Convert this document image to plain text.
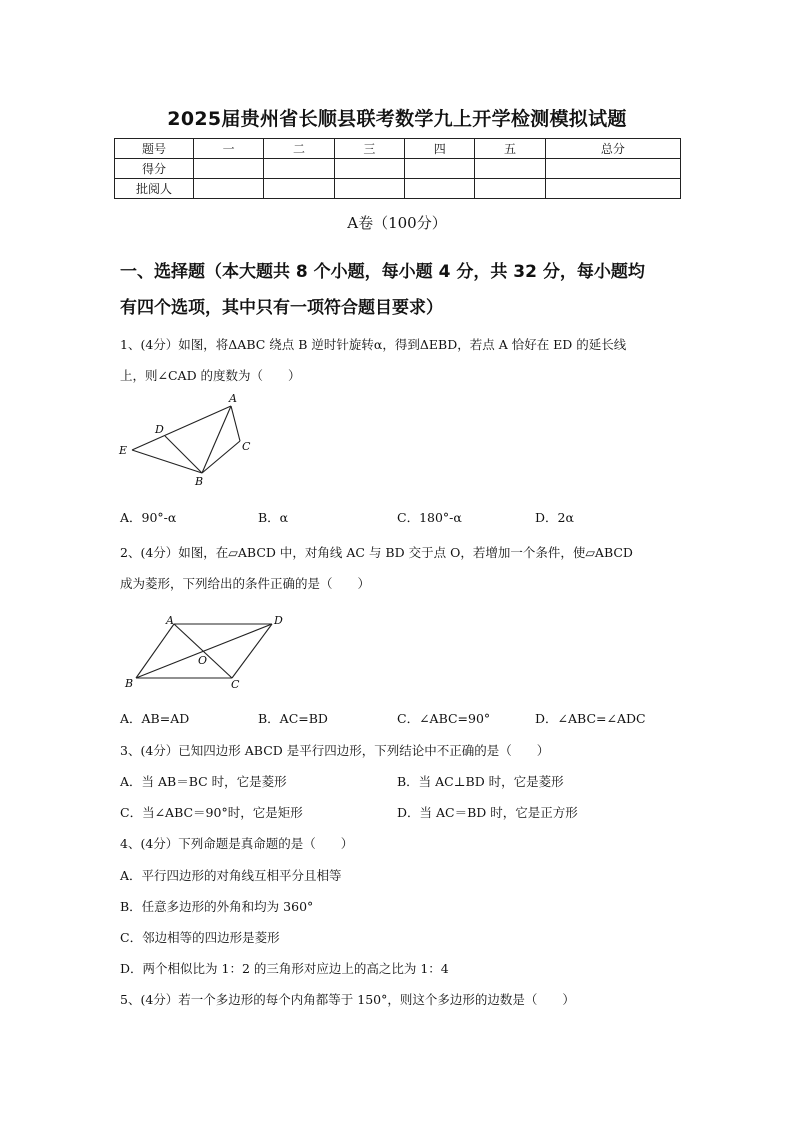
2025届贵州省长顺县联考数学九上开学检测模拟试题
题号	一	二	三	四	五	总分
得分						
批阅人						
A卷（100分）
一、选择题（本大题共 8 个小题，每小题 4 分，共 32 分，每小题均
有四个选项，其中只有一项符合题目要求）
1、(4分）如图，将ΔABC 绕点 B 逆时针旋转α，得到ΔEBD，若点 A 恰好在 ED 的延长线
上，则∠CAD 的度数为（　　）
A
D
E	C
B
A	D
B	C
O
A．90°-α	B．α	C．180°-α	D．2α
2、(4分）如图，在▱ABCD 中，对角线 AC 与 BD 交于点 O，若增加一个条件，使▱ABCD
成为菱形，下列给出的条件正确的是（　　）
A．AB=AD	B．AC=BD	C．∠ABC=90°	D．∠ABC=∠ADC
3、(4分）已知四边形 ABCD 是平行四边形，下列结论中不正确的是（　　）
A．当 AB＝BC 时，它是菱形	B．当 AC⊥BD 时，它是菱形
C．当∠ABC＝90°时，它是矩形	D．当 AC＝BD 时，它是正方形
4、(4分）下列命题是真命题的是（　　）
A．平行四边形的对角线互相平分且相等
B．任意多边形的外角和均为 360°
C．邻边相等的四边形是菱形
D．两个相似比为 1：2 的三角形对应边上的高之比为 1：4
5、(4分）若一个多边形的每个内角都等于 150°，则这个多边形的边数是（　　）
